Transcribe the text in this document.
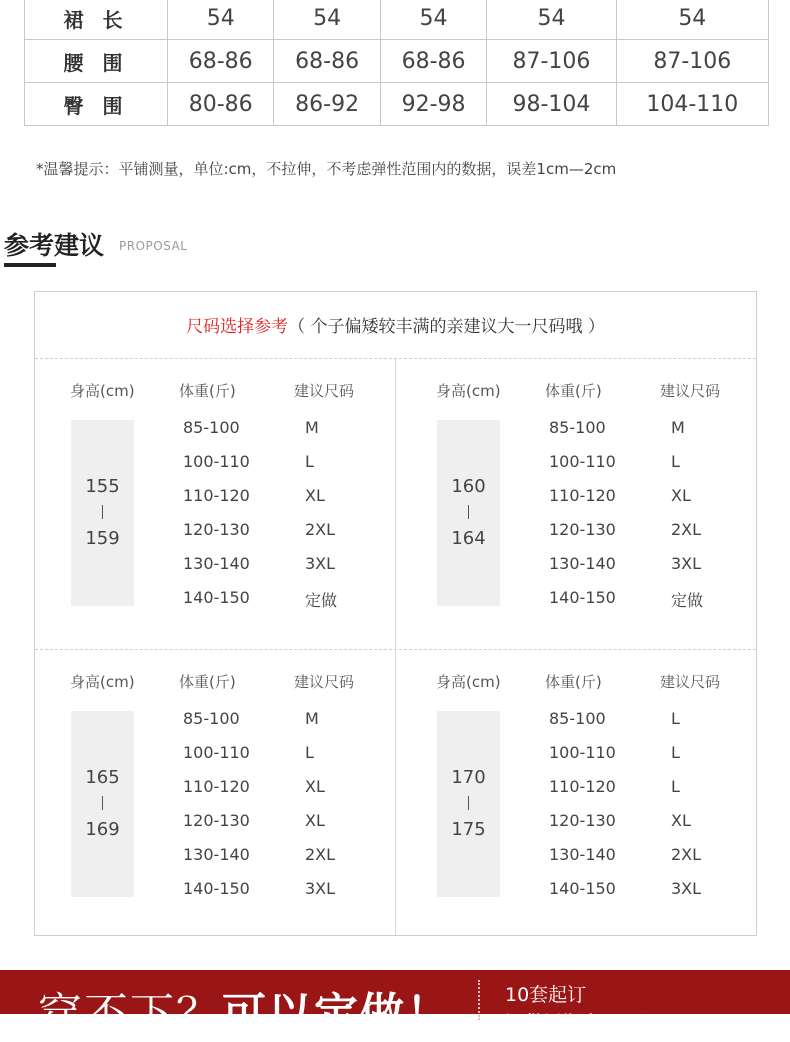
裙 长	54	54	54	54	54
腰 围	68-86	68-86	68-86	87-106	87-106
臀 围	80-86	86-92	92-98	98-104	104-110
*温馨提示：平铺测量，单位:cm，不拉伸，不考虑弹性范围内的数据，误差1cm—2cm
参考建议 PROPOSAL
尺码选择参考（ 个子偏矮较丰满的亲建议大一尺码哦 ）
身高(cm)	体重(斤)	建议尺码
155
159
85-100	M
100-110	L
110-120	XL
120-130	2XL
130-140	3XL
140-150	定做
身高(cm)	体重(斤)	建议尺码
160
164
85-100	M
100-110	L
110-120	XL
120-130	2XL
130-140	3XL
140-150	定做
身高(cm)	体重(斤)	建议尺码
165
169
85-100	M
100-110	L
110-120	XL
120-130	XL
130-140	2XL
140-150	3XL
身高(cm)	体重(斤)	建议尺码
170
175
85-100	L
100-110	L
110-120	L
120-130	XL
130-140	2XL
140-150	3XL
穿不下？可以定做！	10套起订
证供展期为2-4天
